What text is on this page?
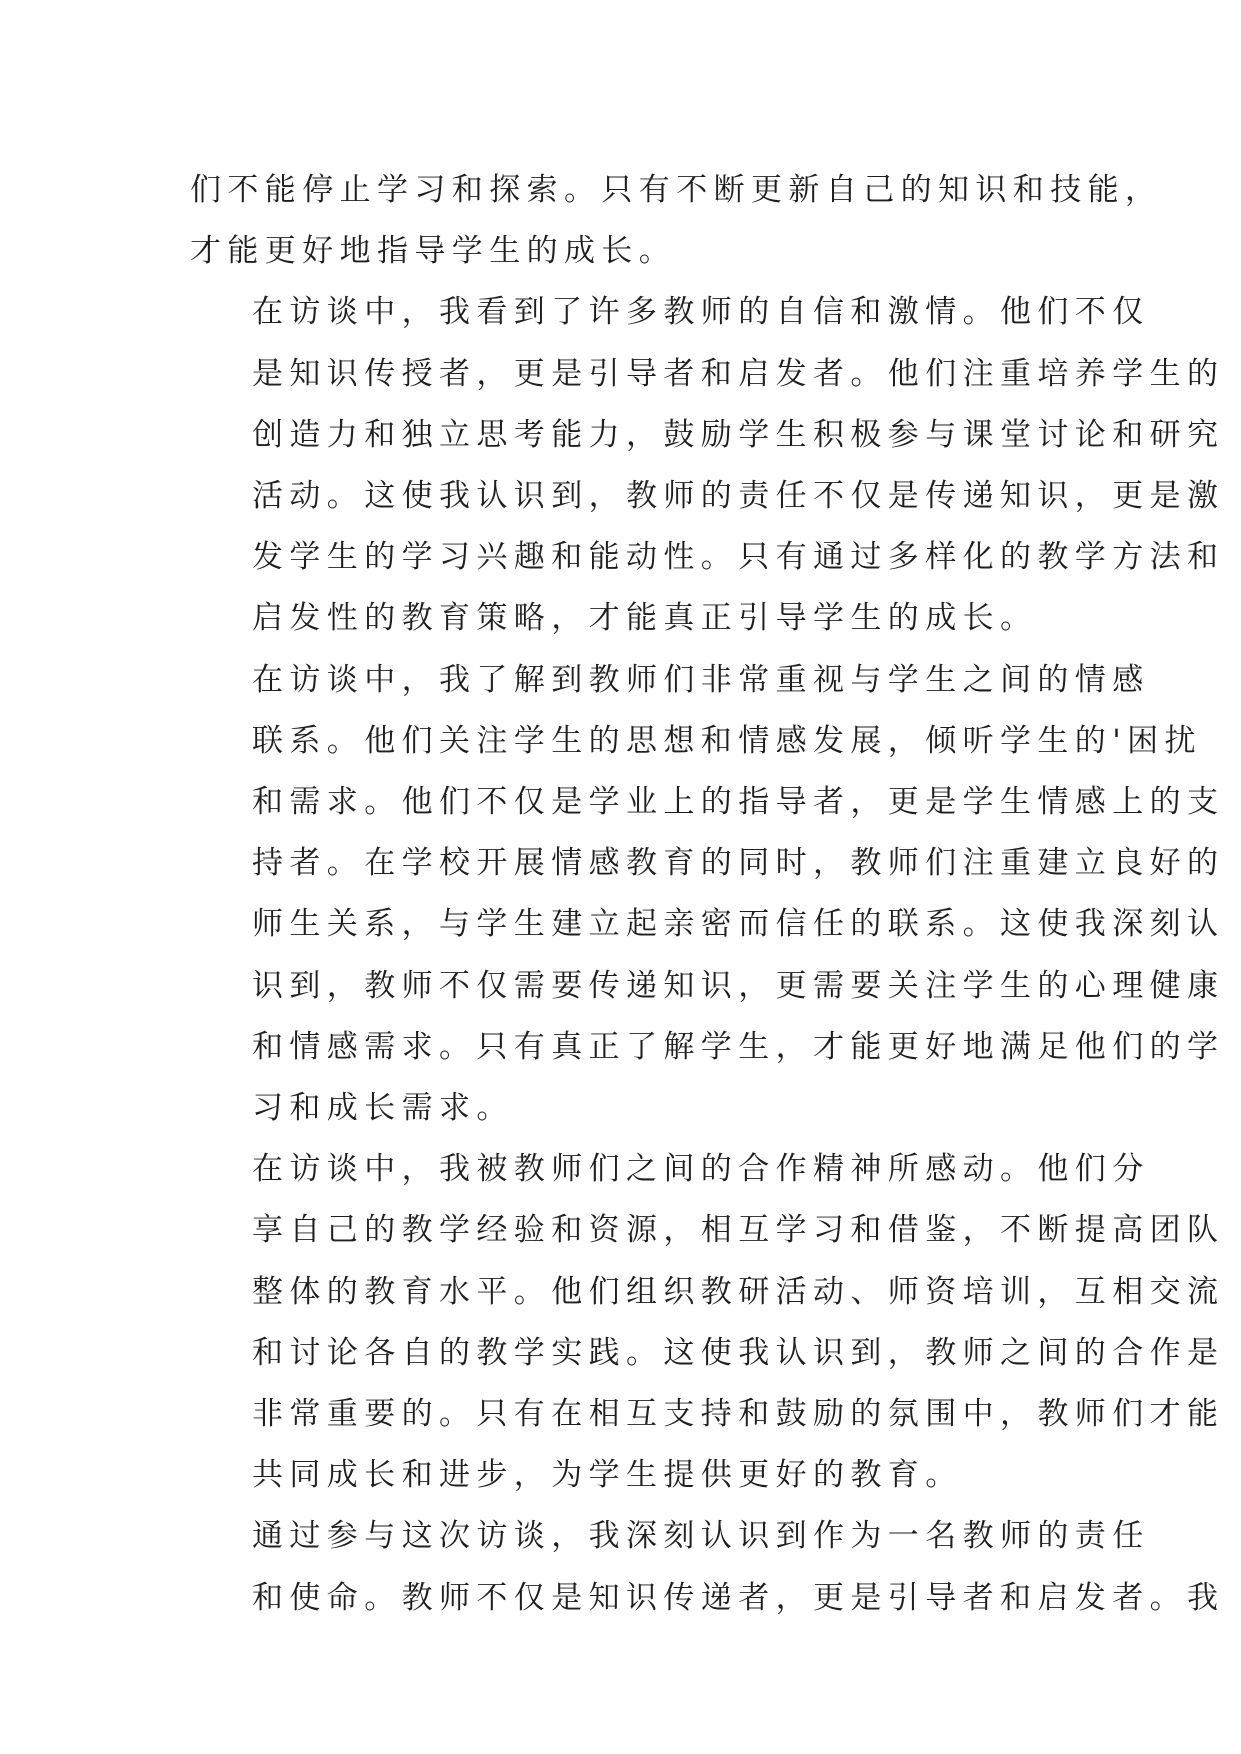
们不能停止学习和探索。只有不断更新自己的知识和技能，
才能更好地指导学生的成长。

在访谈中，我看到了许多教师的自信和激情。他们不仅
是知识传授者，更是引导者和启发者。他们注重培养学生的
创造力和独立思考能力，鼓励学生积极参与课堂讨论和研究
活动。这使我认识到，教师的责任不仅是传递知识，更是激
发学生的学习兴趣和能动性。只有通过多样化的教学方法和
启发性的教育策略，才能真正引导学生的成长。

在访谈中，我了解到教师们非常重视与学生之间的情感
联系。他们关注学生的思想和情感发展，倾听学生的'困扰
和需求。他们不仅是学业上的指导者，更是学生情感上的支
持者。在学校开展情感教育的同时，教师们注重建立良好的
师生关系，与学生建立起亲密而信任的联系。这使我深刻认
识到，教师不仅需要传递知识，更需要关注学生的心理健康
和情感需求。只有真正了解学生，才能更好地满足他们的学
习和成长需求。

在访谈中，我被教师们之间的合作精神所感动。他们分
享自己的教学经验和资源，相互学习和借鉴，不断提高团队
整体的教育水平。他们组织教研活动、师资培训，互相交流
和讨论各自的教学实践。这使我认识到，教师之间的合作是
非常重要的。只有在相互支持和鼓励的氛围中，教师们才能
共同成长和进步，为学生提供更好的教育。

通过参与这次访谈，我深刻认识到作为一名教师的责任
和使命。教师不仅是知识传递者，更是引导者和启发者。我
